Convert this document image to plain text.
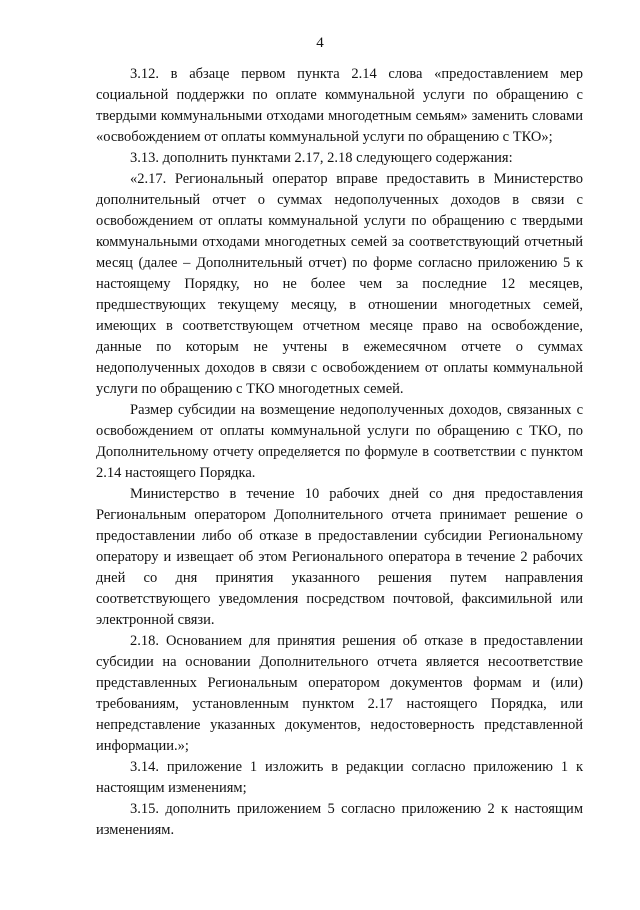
4

3.12. в абзаце первом пункта 2.14 слова «предоставлением мер социальной поддержки по оплате коммунальной услуги по обращению с твердыми коммунальными отходами многодетным семьям» заменить словами «освобождением от оплаты коммунальной услуги по обращению с ТКО»;

3.13. дополнить пунктами 2.17, 2.18 следующего содержания:

«2.17. Региональный оператор вправе предоставить в Министерство дополнительный отчет о суммах недополученных доходов в связи с освобождением от оплаты коммунальной услуги по обращению с твердыми коммунальными отходами многодетных семей за соответствующий отчетный месяц (далее – Дополнительный отчет) по форме согласно приложению 5 к настоящему Порядку, но не более чем за последние 12 месяцев, предшествующих текущему месяцу, в отношении многодетных семей, имеющих в соответствующем отчетном месяце право на освобождение, данные по которым не учтены в ежемесячном отчете о суммах недополученных доходов в связи с освобождением от оплаты коммунальной услуги по обращению с ТКО многодетных семей.

Размер субсидии на возмещение недополученных доходов, связанных с освобождением от оплаты коммунальной услуги по обращению с ТКО, по Дополнительному отчету определяется по формуле в соответствии с пунктом 2.14 настоящего Порядка.

Министерство в течение 10 рабочих дней со дня предоставления Региональным оператором Дополнительного отчета принимает решение о предоставлении либо об отказе в предоставлении субсидии Региональному оператору и извещает об этом Регионального оператора в течение 2 рабочих дней со дня принятия указанного решения путем направления соответствующего уведомления посредством почтовой, факсимильной или электронной связи.

2.18. Основанием для принятия решения об отказе в предоставлении субсидии на основании Дополнительного отчета является несоответствие представленных Региональным оператором документов формам и (или) требованиям, установленным пунктом 2.17 настоящего Порядка, или непредставление указанных документов, недостоверность представленной информации.»;

3.14. приложение 1 изложить в редакции согласно приложению 1 к настоящим изменениям;

3.15. дополнить приложением 5 согласно приложению 2 к настоящим изменениям.
